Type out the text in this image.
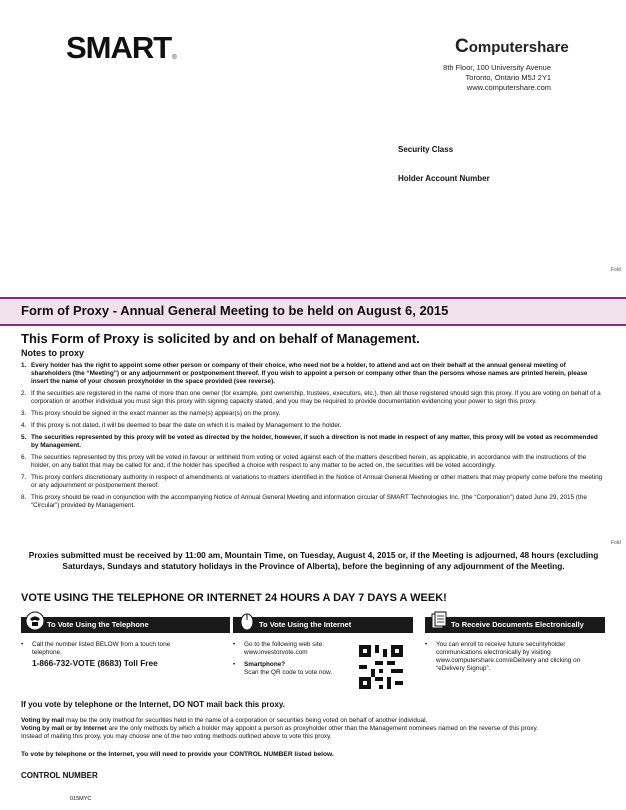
SMART®
Computershare
8th Floor, 100 University Avenue
Toronto, Ontario M5J 2Y1
www.computershare.com
Security Class
Holder Account Number
Fold
Fold
Form of Proxy - Annual General Meeting to be held on August 6, 2015
This Form of Proxy is solicited by and on behalf of Management.
Notes to proxy
1. Every holder has the right to appoint some other person or company of their choice, who need not be a holder, to attend and act on their behalf at the annual general meeting of shareholders (the “Meeting”) or any adjournment or postponement thereof. If you wish to appoint a person or company other than the persons whose names are printed herein, please insert the name of your chosen proxyholder in the space provided (see reverse).
2. If the securities are registered in the name of more than one owner (for example, joint ownership, trustees, executors, etc.), then all those registered should sign this proxy. If you are voting on behalf of a corporation or another individual you must sign this proxy with signing capacity stated, and you may be required to provide documentation evidencing your power to sign this proxy.
3. This proxy should be signed in the exact manner as the name(s) appear(s) on the proxy.
4. If this proxy is not dated, it will be deemed to bear the date on which it is mailed by Management to the holder.
5. The securities represented by this proxy will be voted as directed by the holder, however, if such a direction is not made in respect of any matter, this proxy will be voted as recommended by Management.
6. The securities represented by this proxy will be voted in favour or withheld from voting or voted against each of the matters described herein, as applicable, in accordance with the instructions of the holder, on any ballot that may be called for and, if the holder has specified a choice with respect to any matter to be acted on, the securities will be voted accordingly.
7. This proxy confers discretionary authority in respect of amendments or variations to matters identified in the Notice of Annual General Meeting or other matters that may properly come before the meeting or any adjournment or postponement thereof.
8. This proxy should be read in conjunction with the accompanying Notice of Annual General Meeting and information circular of SMART Technologies Inc. (the “Corporation”) dated June 29, 2015 (the “Circular”) provided by Management.
Proxies submitted must be received by 11:00 am, Mountain Time, on Tuesday, August 4, 2015 or, if the Meeting is adjourned, 48 hours (excluding Saturdays, Sundays and statutory holidays in the Province of Alberta), before the beginning of any adjournment of the Meeting.
VOTE USING THE TELEPHONE OR INTERNET 24 HOURS A DAY 7 DAYS A WEEK!
To Vote Using the Telephone
• Call the number listed BELOW from a touch tone telephone.
1-866-732-VOTE (8683) Toll Free
To Vote Using the Internet
• Go to the following web site:
www.investorvote.com
• Smartphone?
Scan the QR code to vote now.
To Receive Documents Electronically
• You can enroll to receive future securityholder communications electronically by visiting www.computershare.com/eDelivery and clicking on “eDelivery Signup”.
If you vote by telephone or the Internet, DO NOT mail back this proxy.
Voting by mail may be the only method for securities held in the name of a corporation or securities being voted on behalf of another individual.
Voting by mail or by Internet are the only methods by which a holder may appoint a person as proxyholder other than the Management nominees named on the reverse of this proxy.
Instead of mailing this proxy, you may choose one of the two voting methods outlined above to vote this proxy.
To vote by telephone or the Internet, you will need to provide your CONTROL NUMBER listed below.
CONTROL NUMBER
015MYC
